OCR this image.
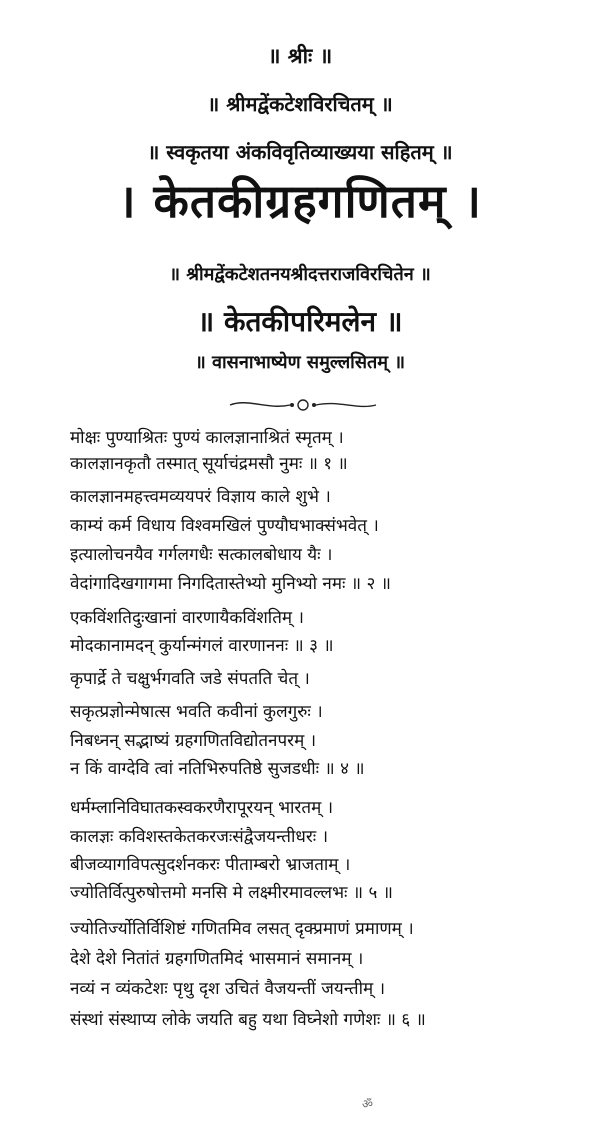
॥ श्रीः ॥
॥ श्रीमद्वेंकटेशविरचितम् ॥
॥ स्वकृतया अंकविवृतिव्याख्यया सहितम् ॥
। केतकीग्रहगणितम् ।
॥ श्रीमद्वेंकटेशतनयश्रीदत्तराजविरचितेन ॥
॥ केतकीपरिमलेन ॥
॥ वासनाभाष्येण समुल्लसितम् ॥
मोक्षः पुण्याश्रितः पुण्यं कालज्ञानाश्रितं स्मृतम् ।
कालज्ञानकृतौ तस्मात् सूर्याचंद्रमसौ नुमः ॥ १ ॥
कालज्ञानमहत्त्वमव्ययपरं विज्ञाय काले शुभे ।
काम्यं कर्म विधाय विश्वमखिलं पुण्यौघभाक्संभवेत् ।
इत्यालोचनयैव गर्गलगधैः सत्कालबोधाय यैः ।
वेदांगादिखगागमा निगदितास्तेभ्यो मुनिभ्यो नमः ॥ २ ॥
एकविंशतिदुःखानां वारणायैकविंशतिम् ।
मोदकानामदन् कुर्यान्मंगलं वारणाननः ॥ ३ ॥
कृपार्द्रे ते चक्षुर्भगवति जडे संपतति चेत् ।
सकृत्प्रज्ञोन्मेषात्स भवति कवीनां कुलगुरुः ।
निबध्नन् सद्भाष्यं ग्रहगणितविद्योतनपरम् ।
न किं वाग्देवि त्वां नतिभिरुपतिष्ठे सुजडधीः ॥ ४ ॥
धर्मम्लानिविघातकस्वकरणैरापूरयन् भारतम् ।
कालज्ञः कविशस्तकेतकरजःसंद्वैजयन्तीधरः ।
बीजव्यागविपत्सुदर्शनकरः पीताम्बरो भ्राजताम् ।
ज्योतिर्वित्पुरुषोत्तमो मनसि मे लक्ष्मीरमावल्लभः ॥ ५ ॥
ज्योतिर्ज्योतिर्विशिष्टं गणितमिव लसत् दृक्प्रमाणं प्रमाणम् ।
देशे देशे नितांतं ग्रहगणितमिदं भासमानं समानम् ।
नव्यं न व्यंकटेशः पृथु दृश उचितं वैजयन्तीं जयन्तीम् ।
संस्थां संस्थाप्य लोके जयति बहु यथा विघ्नेशो गणेशः ॥ ६ ॥
ॐ
